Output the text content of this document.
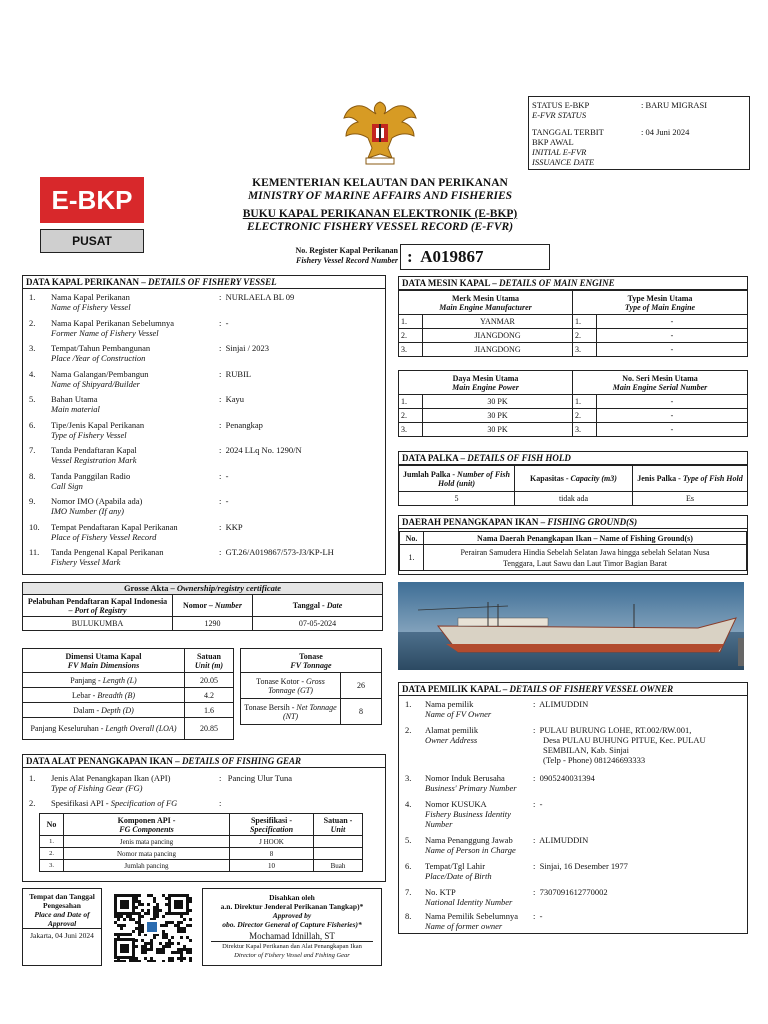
STATUS E-BKP
E-FVR STATUS
: BARU MIGRASI
TANGGAL TERBIT
BKP AWAL
INITIAL E-FVR
ISSUANCE DATE
: 04 Juni 2024
E-BKP
PUSAT
KEMENTERIAN KELAUTAN DAN PERIKANAN
MINISTRY OF MARINE AFFAIRS AND FISHERIES
BUKU KAPAL PERIKANAN ELEKTRONIK (E-BKP)
ELECTRONIC FISHERY VESSEL RECORD (E-FVR)
No. Register Kapal Perikanan
Fishery Vessel Record Number :  A019867
DATA KAPAL PERIKANAN – DETAILS OF FISHERY VESSEL
1.	Nama Kapal Perikanan
Name of Fishery Vessel
:  NURLAELA BL 09
2.	Nama Kapal Perikanan Sebelumnya
Former Name of Fishery Vessel
:  -
3.	Tempat/Tahun Pembangunan
Place /Year of Construction
:  Sinjai / 2023
4.	Nama Galangan/Pembangun
Name of Shipyard/Builder
:  RUBIL
5.	Bahan Utama
Main material
:  Kayu
6.	Tipe/Jenis Kapal Perikanan
Type of Fishery Vessel
:  Penangkap
7.	Tanda Pendaftaran Kapal
Vessel Registration Mark
:  2024 LLq No. 1290/N
8.	Tanda Panggilan Radio
Call Sign
:  -
9.	Nomor IMO (Apabila ada)
IMO Number (If any)
:  -
10.	Tempat Pendaftaran Kapal Perikanan
Place of Fishery Vessel Record
:  KKP
11.	Tanda Pengenal Kapal Perikanan
Fishery Vessel Mark
:  GT.26/A019867/573-J3/KP-LH
Grosse Akta – Ownership/registry certificate
Pelabuhan Pendaftaran Kapal Indonesia – Port of Registry	Nomor – Number	Tanggal - Date
BULUKUMBA	1290	07-05-2024
Dimensi Utama Kapal
FV Main Dimensions	Satuan
Unit (m)
Panjang - Length (L)	20.05
Lebar - Breadth (B)	4.2
Dalam - Depth (D)	1.6
Panjang Keseluruhan - Length Overall (LOA)	20.85
Tonase
FV Tonnage	
Tonase Kotor - Gross Tonnage (GT)	26
Tonase Bersih - Net Tonnage (NT)	8
DATA ALAT PENANGKAPAN IKAN – DETAILS OF FISHING GEAR
1. Jenis Alat Penangkapan Ikan (API)
Type of Fishing Gear (FG)
:   Pancing Ulur Tuna
2. Spesifikasi API - Specification of FG	:
No	Komponen API -
FG Components	Spesifikasi -
Specification	Satuan -
Unit
1.	Jenis mata pancing	J HOOK	
2.	Nomor mata pancing	8	
3.	Jumlah pancing	10	Buah
Tempat dan Tanggal
Pengesahan
Place and Date of
Approval
Jakarta, 04 Juni 2024
Disahkan oleh
a.n. Direktur Jenderal Perikanan Tangkap)*
Approved by
obo. Director General of Capture Fisheries)*
Mochamad Idnillah, ST
Direktur Kapal Perikanan dan Alat Penangkapan Ikan
Director of Fishery Vessel and Fishing Gear
DATA MESIN KAPAL – DETAILS OF MAIN ENGINE
Merk Mesin Utama
Main Engine Manufacturer		Type Mesin Utama
Type of Main Engine	
1.	YANMAR	1.	-
2.	JIANGDONG	2.	-
3.	JIANGDONG	3.	-
Daya Mesin Utama
Main Engine Power		No. Seri Mesin Utama
Main Engine Serial Number	
1.	30 PK	1.	-
2.	30 PK	2.	-
3.	30 PK	3.	-
DATA PALKA – DETAILS OF FISH HOLD
Jumlah Palka - Number of Fish Hold (unit)	Kapasitas - Capacity (m3)	Jenis Palka - Type of Fish Hold
5	tidak ada	Es
DAERAH PENANGKAPAN IKAN – FISHING GROUND(S)
No.	Nama Daerah Penangkapan Ikan – Name of Fishing Ground(s)
1.	Perairan Samudera Hindia Sebelah Selatan Jawa hingga sebelah Selatan Nusa
Tenggara, Laut Sawu dan Laut Timor Bagian Barat
DATA PEMILIK KAPAL – DETAILS OF FISHERY VESSEL OWNER
1.	Nama pemilik
Name of FV Owner
:  ALIMUDDIN
2.	Alamat pemilik
Owner Address
:  PULAU BURUNG LOHE, RT.002/RW.001,
Desa PULAU BUHUNG PITUE, Kec. PULAU
SEMBILAN, Kab. Sinjai
(Telp - Phone) 081246693333
3.	Nomor Induk Berusaha
Business' Primary Number
:  0905240031394
4.	Nomor KUSUKA
Fishery Business Identity Number
:  -
5.	Nama Penanggung Jawab
Name of Person in Charge
:  ALIMUDDIN
6.	Tempat/Tgl Lahir
Place/Date of Birth
:  Sinjai, 16 Desember 1977
7.	No. KTP
National Identity Number
:  7307091612770002
8.	Nama Pemilik Sebelumnya
Name of former owner
:  -
